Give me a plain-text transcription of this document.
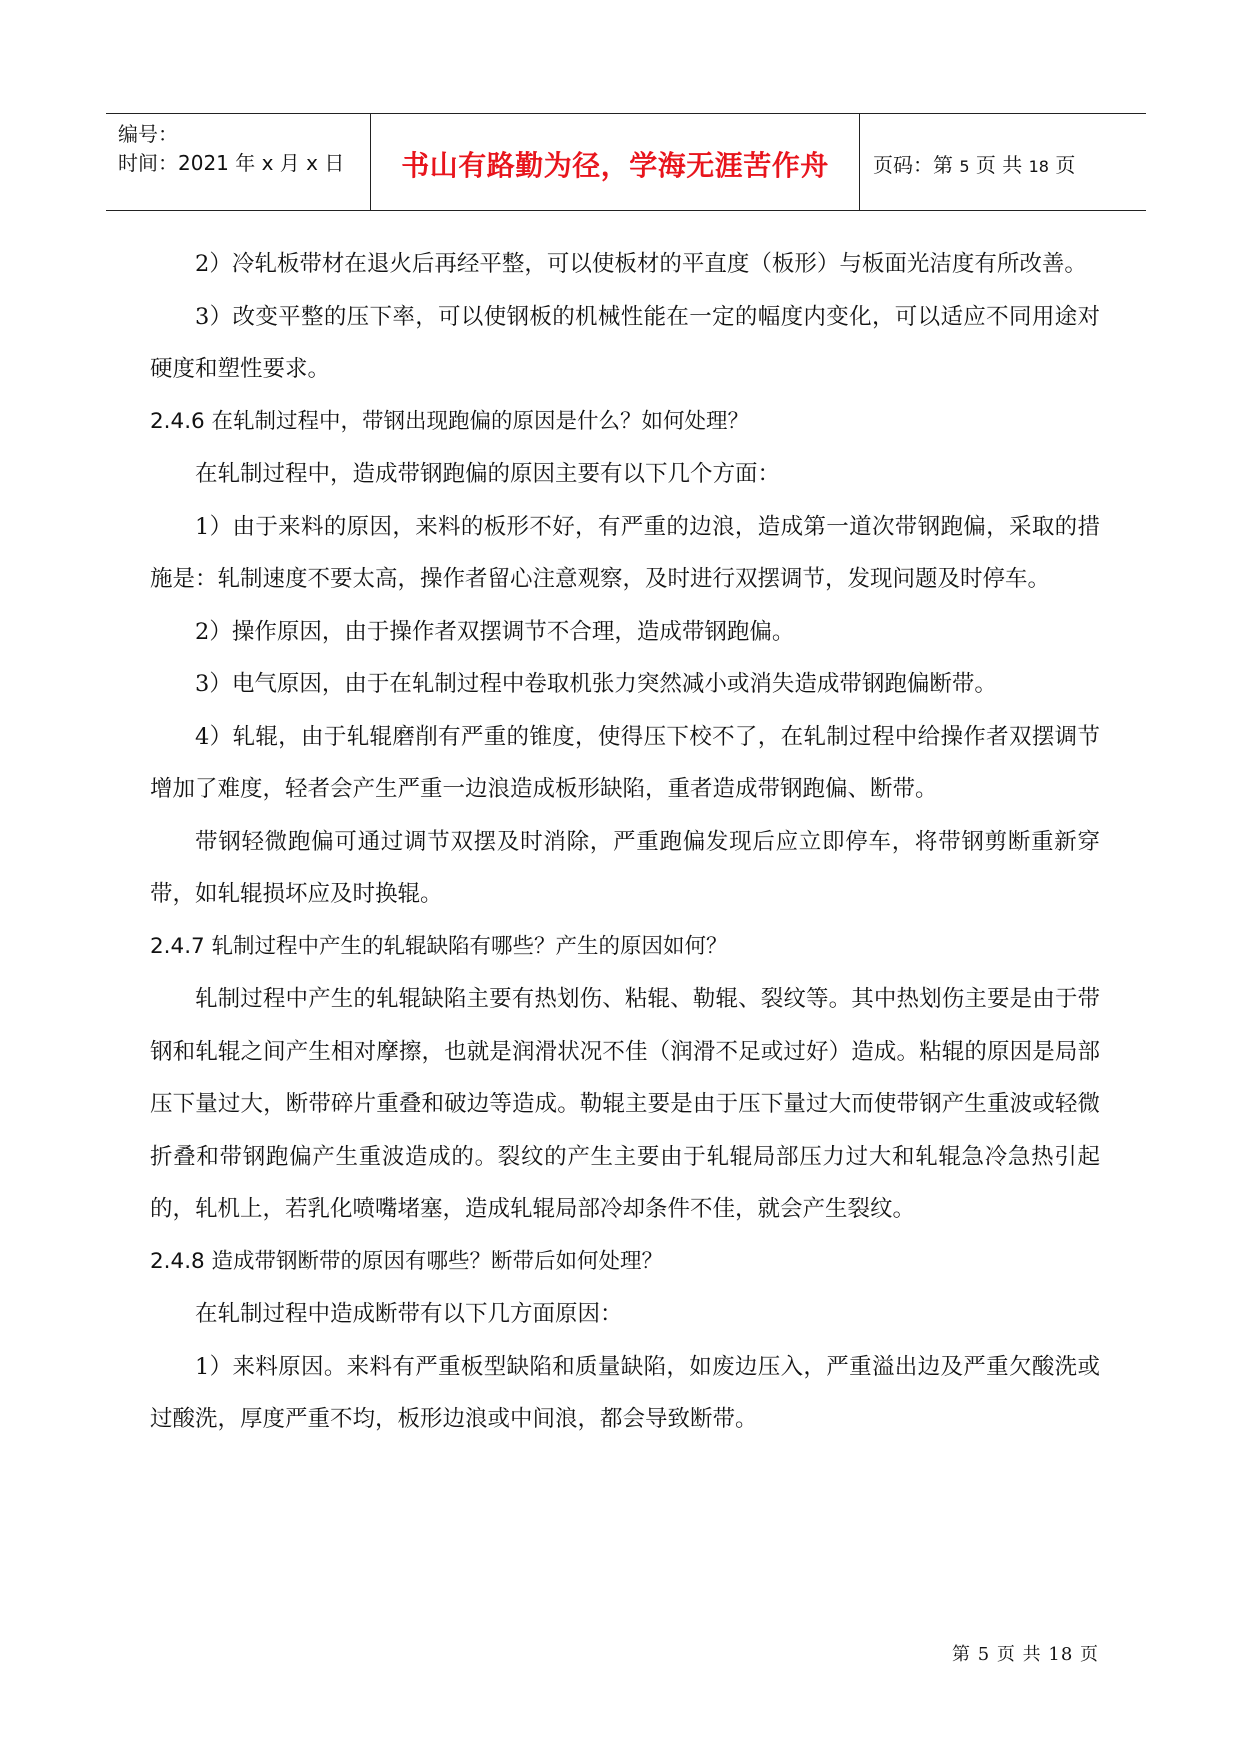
编号：
时间：2021 年 x 月 x 日	书山有路勤为径，学海无涯苦作舟	页码：第 5 页 共 18 页

2）冷轧板带材在退火后再经平整，可以使板材的平直度（板形）与板面光洁度有所改善。

3）改变平整的压下率，可以使钢板的机械性能在一定的幅度内变化，可以适应不同用途对硬度和塑性要求。

2.4.6 在轧制过程中，带钢出现跑偏的原因是什么？如何处理？

在轧制过程中，造成带钢跑偏的原因主要有以下几个方面：

1）由于来料的原因，来料的板形不好，有严重的边浪，造成第一道次带钢跑偏，采取的措施是：轧制速度不要太高，操作者留心注意观察，及时进行双摆调节，发现问题及时停车。

2）操作原因，由于操作者双摆调节不合理，造成带钢跑偏。

3）电气原因，由于在轧制过程中卷取机张力突然减小或消失造成带钢跑偏断带。

4）轧辊，由于轧辊磨削有严重的锥度，使得压下校不了，在轧制过程中给操作者双摆调节增加了难度，轻者会产生严重一边浪造成板形缺陷，重者造成带钢跑偏、断带。

带钢轻微跑偏可通过调节双摆及时消除，严重跑偏发现后应立即停车，将带钢剪断重新穿带，如轧辊损坏应及时换辊。

2.4.7 轧制过程中产生的轧辊缺陷有哪些？产生的原因如何？

轧制过程中产生的轧辊缺陷主要有热划伤、粘辊、勒辊、裂纹等。其中热划伤主要是由于带钢和轧辊之间产生相对摩擦，也就是润滑状况不佳（润滑不足或过好）造成。粘辊的原因是局部压下量过大，断带碎片重叠和破边等造成。勒辊主要是由于压下量过大而使带钢产生重波或轻微折叠和带钢跑偏产生重波造成的。裂纹的产生主要由于轧辊局部压力过大和轧辊急冷急热引起的，轧机上，若乳化喷嘴堵塞，造成轧辊局部冷却条件不佳，就会产生裂纹。

2.4.8 造成带钢断带的原因有哪些？断带后如何处理？

在轧制过程中造成断带有以下几方面原因：

1）来料原因。来料有严重板型缺陷和质量缺陷，如废边压入，严重溢出边及严重欠酸洗或过酸洗，厚度严重不均，板形边浪或中间浪，都会导致断带。

第 5 页 共 18 页
